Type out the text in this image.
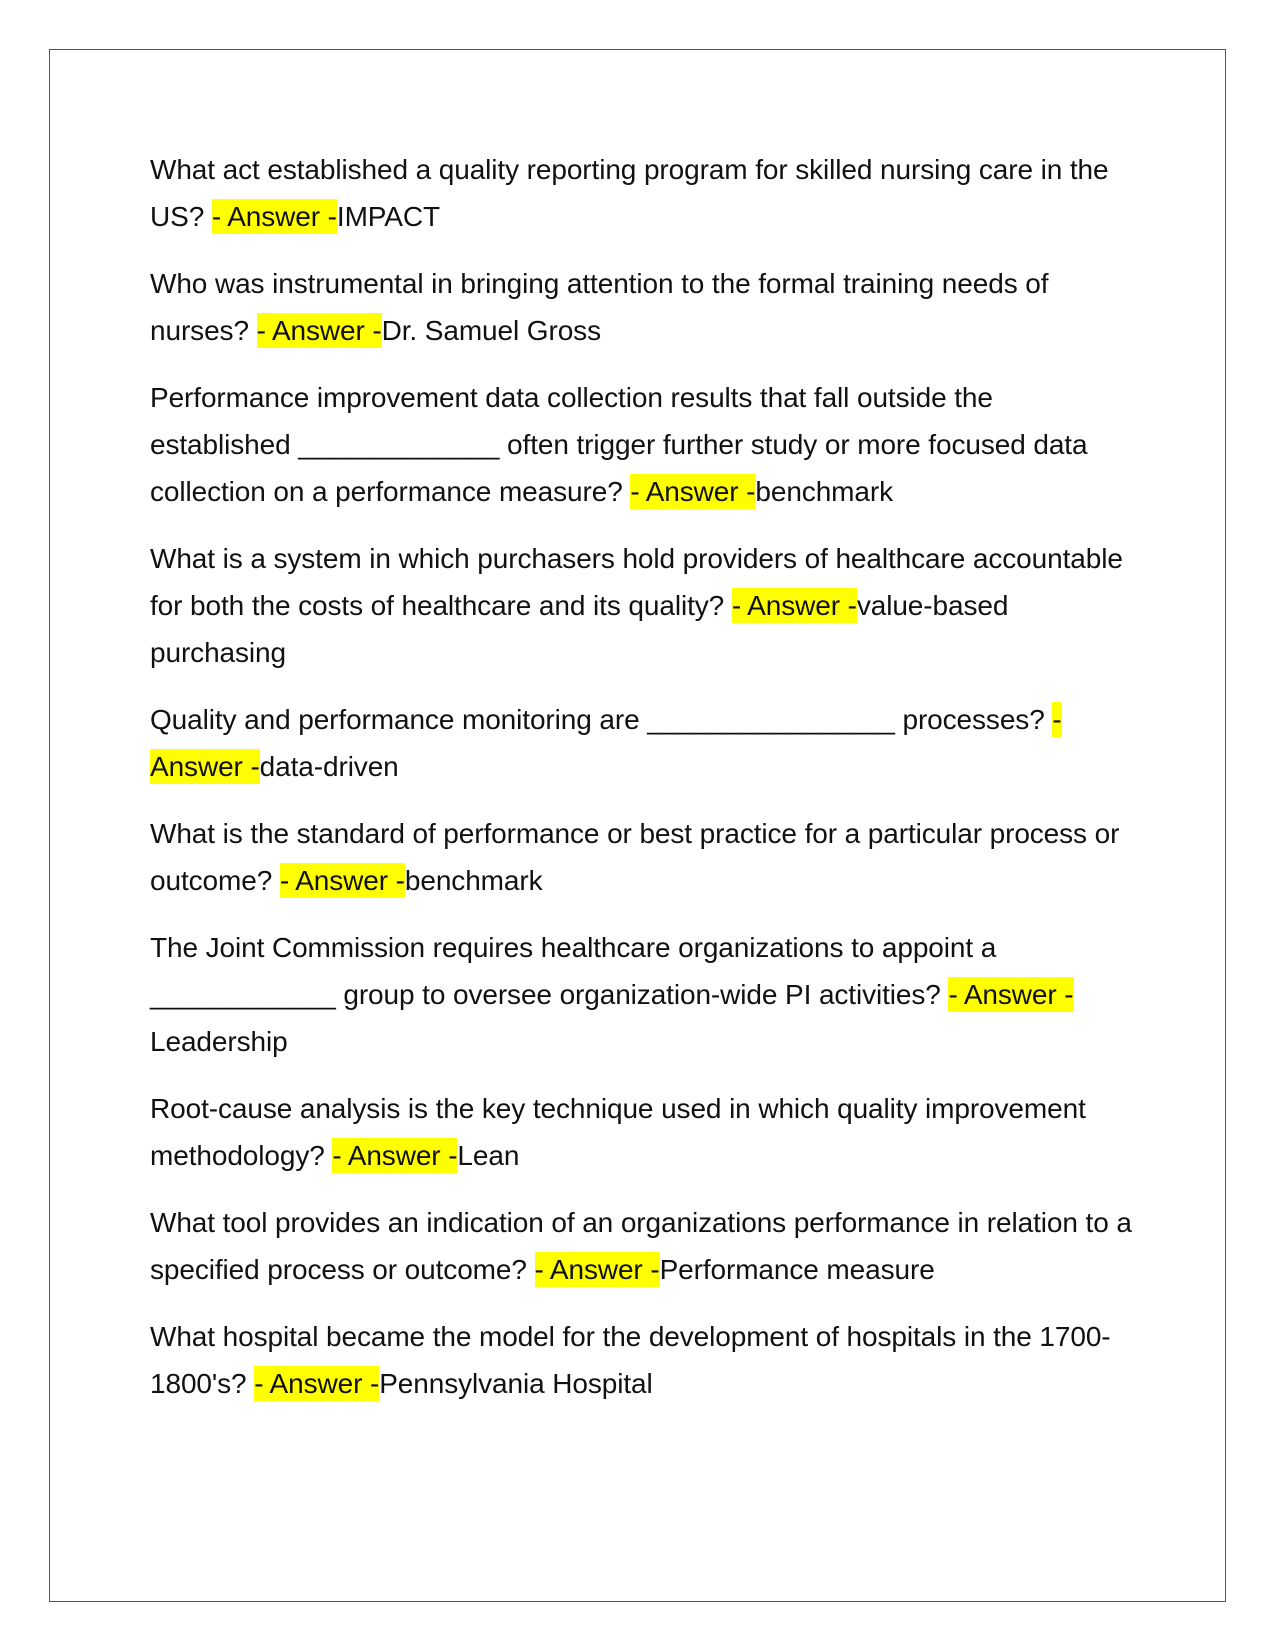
What act established a quality reporting program for skilled nursing care in the US? - Answer -IMPACT

Who was instrumental in bringing attention to the formal training needs of nurses? - Answer -Dr. Samuel Gross

Performance improvement data collection results that fall outside the established _____________ often trigger further study or more focused data collection on a performance measure? - Answer -benchmark

What is a system in which purchasers hold providers of healthcare accountable for both the costs of healthcare and its quality? - Answer -value-based purchasing

Quality and performance monitoring are ________________ processes? - Answer -data-driven

What is the standard of performance or best practice for a particular process or outcome? - Answer -benchmark

The Joint Commission requires healthcare organizations to appoint a ____________ group to oversee organization-wide PI activities? - Answer -Leadership

Root-cause analysis is the key technique used in which quality improvement methodology? - Answer -Lean

What tool provides an indication of an organizations performance in relation to a specified process or outcome? - Answer -Performance measure

What hospital became the model for the development of hospitals in the 1700-1800's? - Answer -Pennsylvania Hospital
